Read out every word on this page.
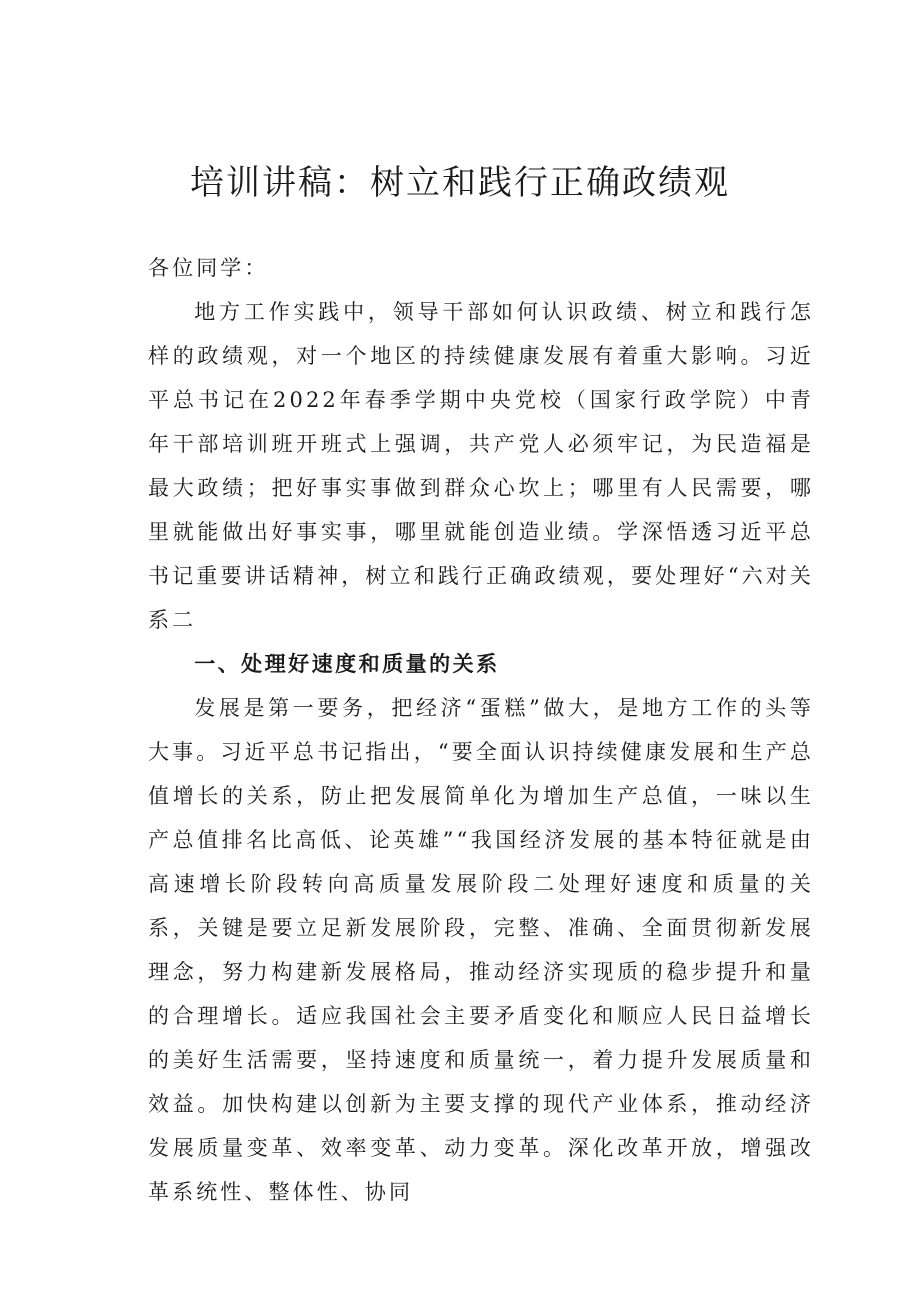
培训讲稿：树立和践行正确政绩观

各位同学：

地方工作实践中，领导干部如何认识政绩、树立和践行怎样的政绩观，对一个地区的持续健康发展有着重大影响。习近平总书记在2022年春季学期中央党校（国家行政学院）中青年干部培训班开班式上强调，共产党人必须牢记，为民造福是最大政绩；把好事实事做到群众心坎上；哪里有人民需要，哪里就能做出好事实事，哪里就能创造业绩。学深悟透习近平总书记重要讲话精神，树立和践行正确政绩观，要处理好“六对关系二

一、处理好速度和质量的关系

发展是第一要务，把经济“蛋糕”做大，是地方工作的头等大事。习近平总书记指出，“要全面认识持续健康发展和生产总值增长的关系，防止把发展简单化为增加生产总值，一味以生产总值排名比高低、论英雄”“我国经济发展的基本特征就是由高速增长阶段转向高质量发展阶段二处理好速度和质量的关系，关键是要立足新发展阶段，完整、准确、全面贯彻新发展理念，努力构建新发展格局，推动经济实现质的稳步提升和量的合理增长。适应我国社会主要矛盾变化和顺应人民日益增长的美好生活需要，坚持速度和质量统一，着力提升发展质量和效益。加快构建以创新为主要支撑的现代产业体系，推动经济发展质量变革、效率变革、动力变革。深化改革开放，增强改革系统性、整体性、协同
